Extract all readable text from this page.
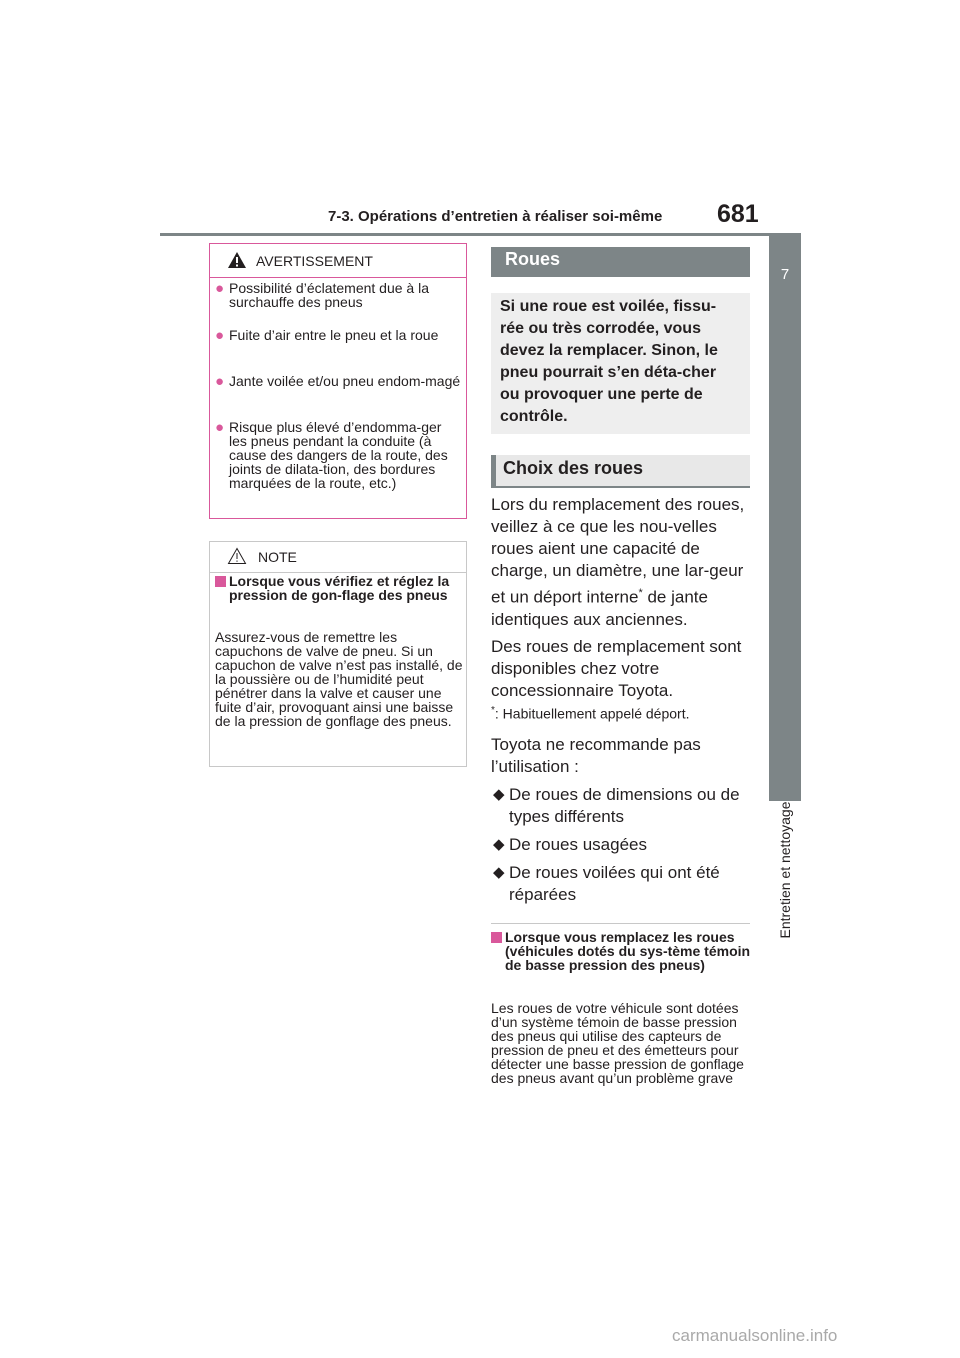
7-3. Opérations d’entretien à réaliser soi-même 681
7
Entretien et nettoyage
AVERTISSEMENT
● Possibilité d’éclatement due à la surchauffe des pneus
● Fuite d’air entre le pneu et la roue
● Jante voilée et/ou pneu endom-magé
● Risque plus élevé d’endomma-ger les pneus pendant la conduite (à cause des dangers de la route, des joints de dilata-tion, des bordures marquées de la route, etc.)
NOTE
Lorsque vous vérifiez et réglez la pression de gon-flage des pneus
Assurez-vous de remettre les capuchons de valve de pneu. Si un capuchon de valve n’est pas installé, de la poussière ou de l’humidité peut pénétrer dans la valve et causer une fuite d’air, provoquant ainsi une baisse de la pression de gonflage des pneus.
Roues
Si une roue est voilée, fissu-rée ou très corrodée, vous devez la remplacer. Sinon, le pneu pourrait s’en déta-cher ou provoquer une perte de contrôle.
Choix des roues
Lors du remplacement des roues, veillez à ce que les nou-velles roues aient une capacité de charge, un diamètre, une lar-geur et un déport interne* de jante identiques aux anciennes.
Des roues de remplacement sont disponibles chez votre concessionnaire Toyota.
*: Habituellement appelé déport.
Toyota ne recommande pas l’utilisation :
◆ De roues de dimensions ou de types différents
◆ De roues usagées
◆ De roues voilées qui ont été réparées
Lorsque vous remplacez les roues (véhicules dotés du sys-tème témoin de basse pression des pneus)
Les roues de votre véhicule sont dotées d’un système témoin de basse pression des pneus qui utilise des capteurs de pression de pneu et des émetteurs pour détecter une basse pression de gonflage des pneus avant qu’un problème grave
carmanualsonline.info
